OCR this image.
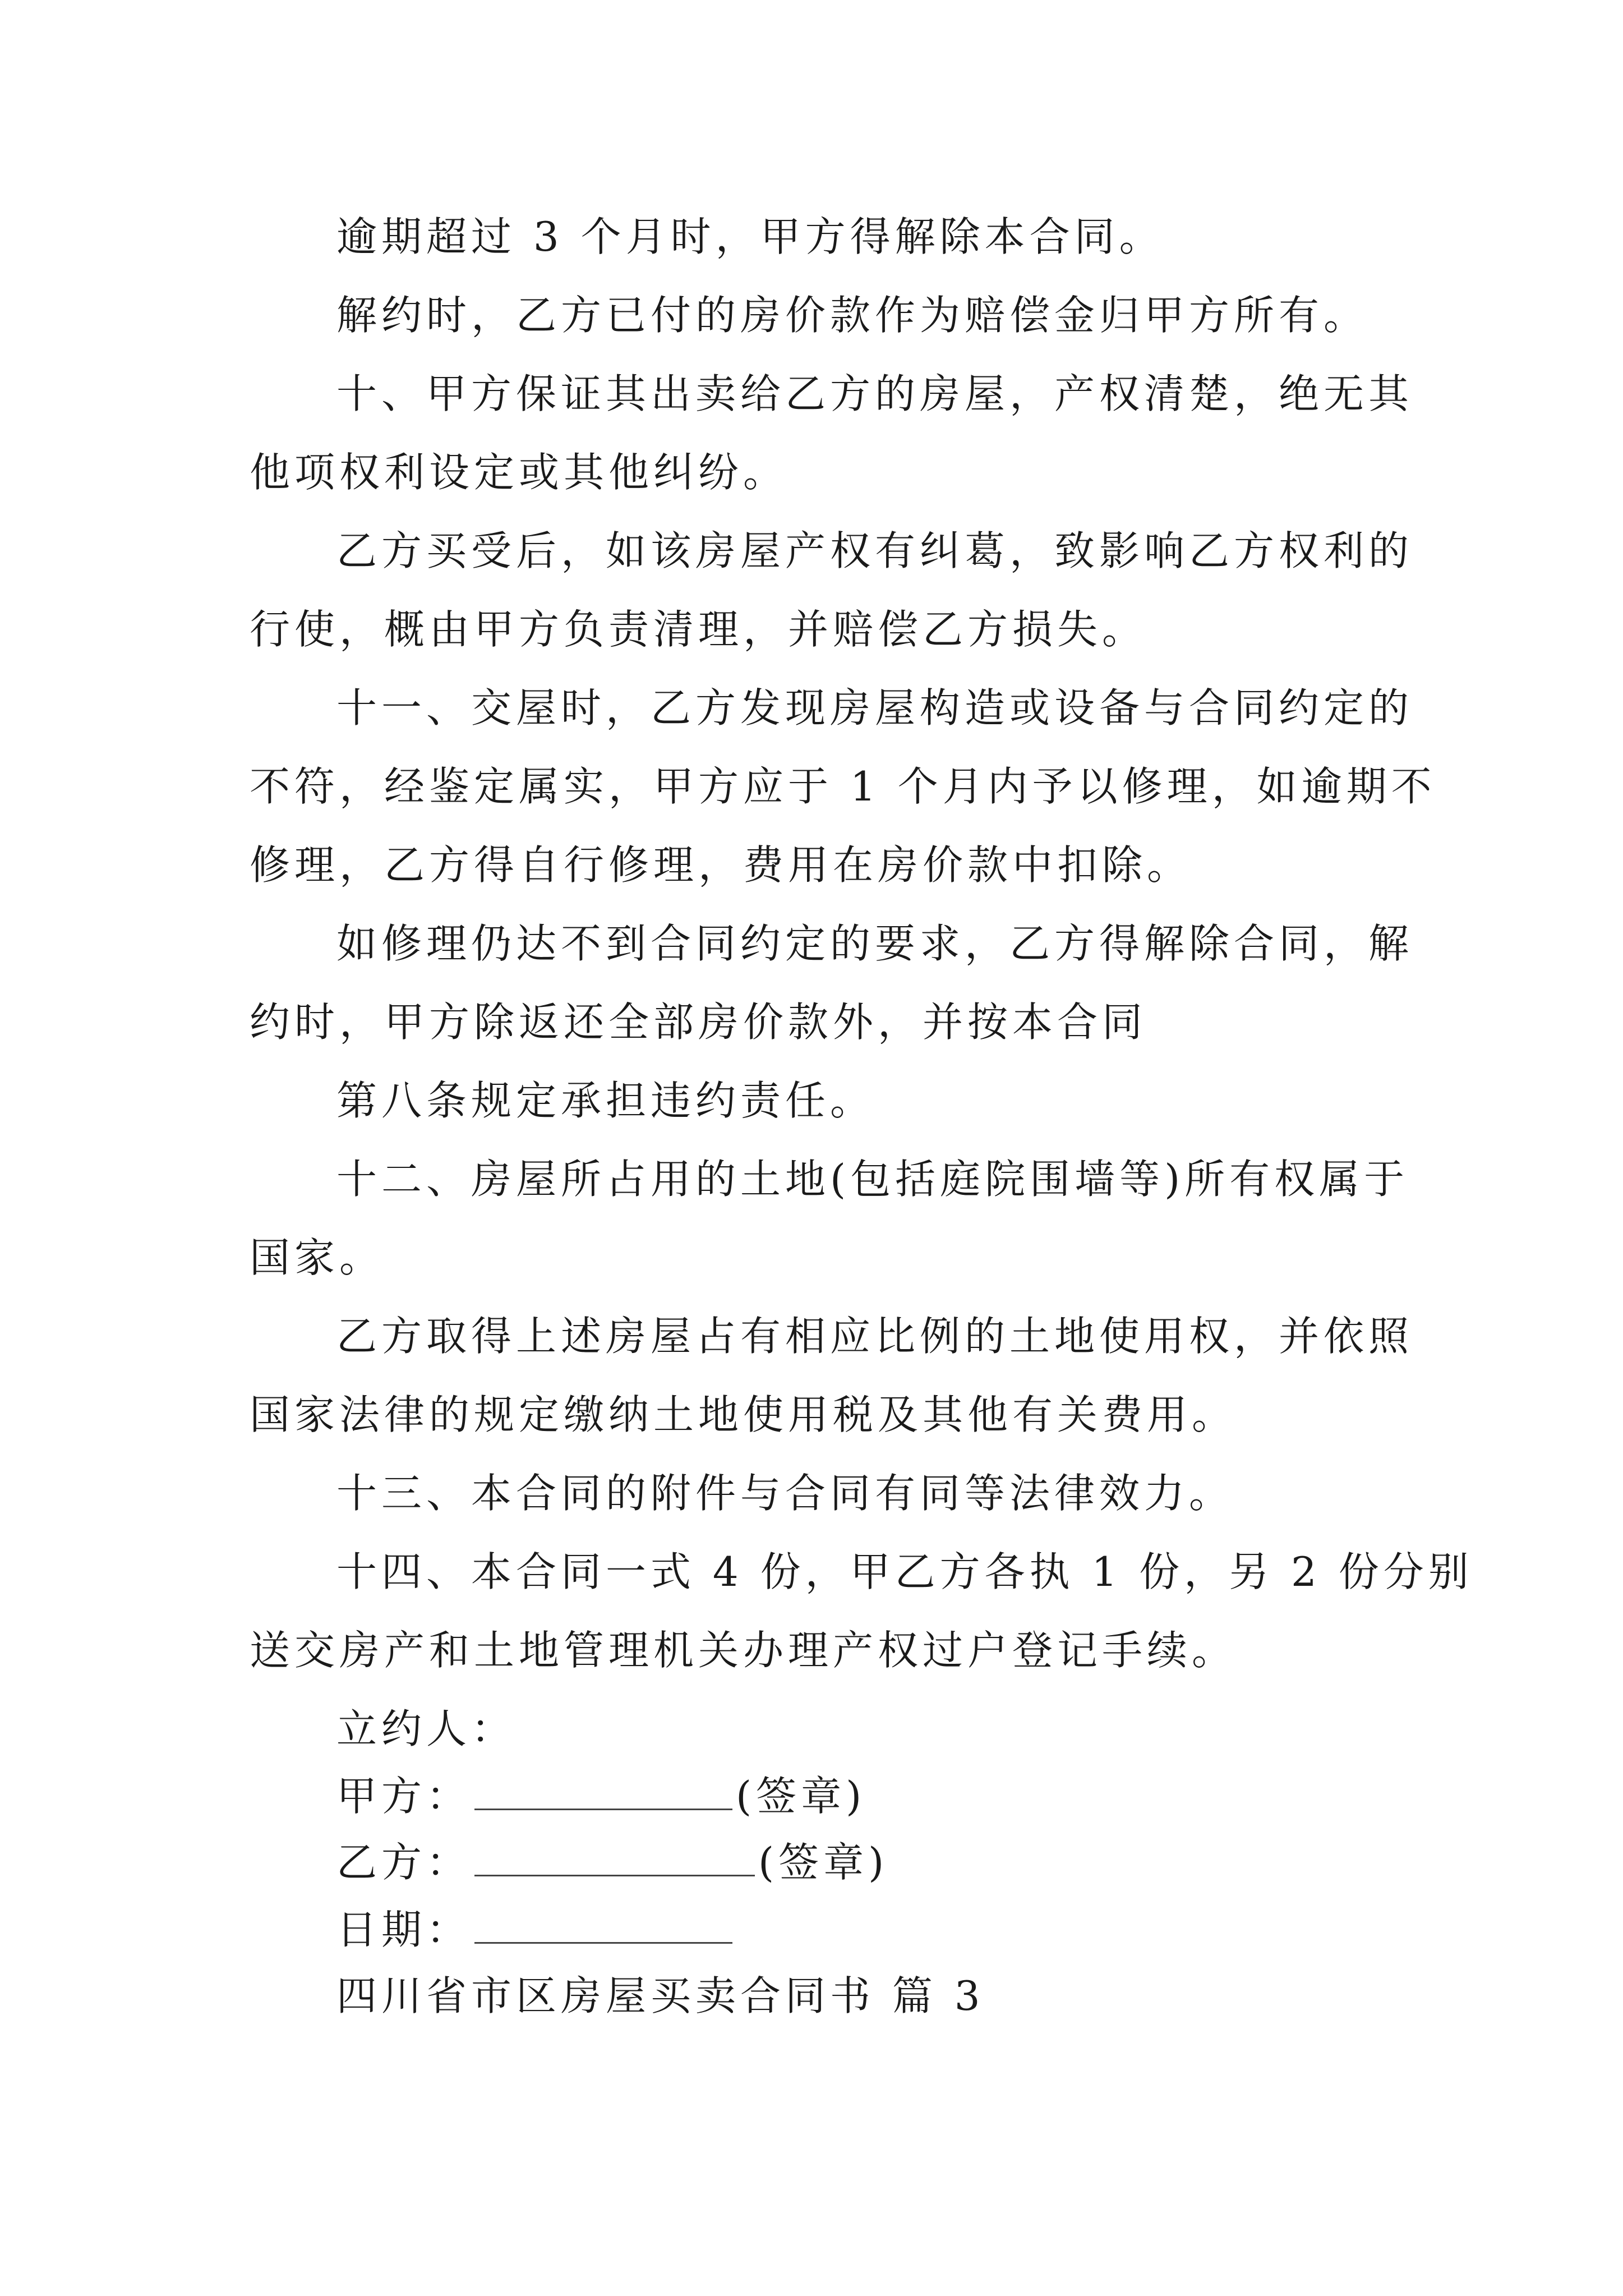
逾期超过 3 个月时，甲方得解除本合同。
解约时，乙方已付的房价款作为赔偿金归甲方所有。
十、甲方保证其出卖给乙方的房屋，产权清楚，绝无其
他项权利设定或其他纠纷。
乙方买受后，如该房屋产权有纠葛，致影响乙方权利的
行使，概由甲方负责清理，并赔偿乙方损失。
十一、交屋时，乙方发现房屋构造或设备与合同约定的
不符，经鉴定属实，甲方应于 1 个月内予以修理，如逾期不
修理，乙方得自行修理，费用在房价款中扣除。
如修理仍达不到合同约定的要求，乙方得解除合同，解
约时，甲方除返还全部房价款外，并按本合同
第八条规定承担违约责任。
十二、房屋所占用的土地(包括庭院围墙等)所有权属于
国家。
乙方取得上述房屋占有相应比例的土地使用权，并依照
国家法律的规定缴纳土地使用税及其他有关费用。
十三、本合同的附件与合同有同等法律效力。
十四、本合同一式 4 份，甲乙方各执 1 份，另 2 份分别
送交房产和土地管理机关办理产权过户登记手续。
立约人：
甲方：	(签章)
乙方：	(签章)
日期：
四川省市区房屋买卖合同书 篇 3
